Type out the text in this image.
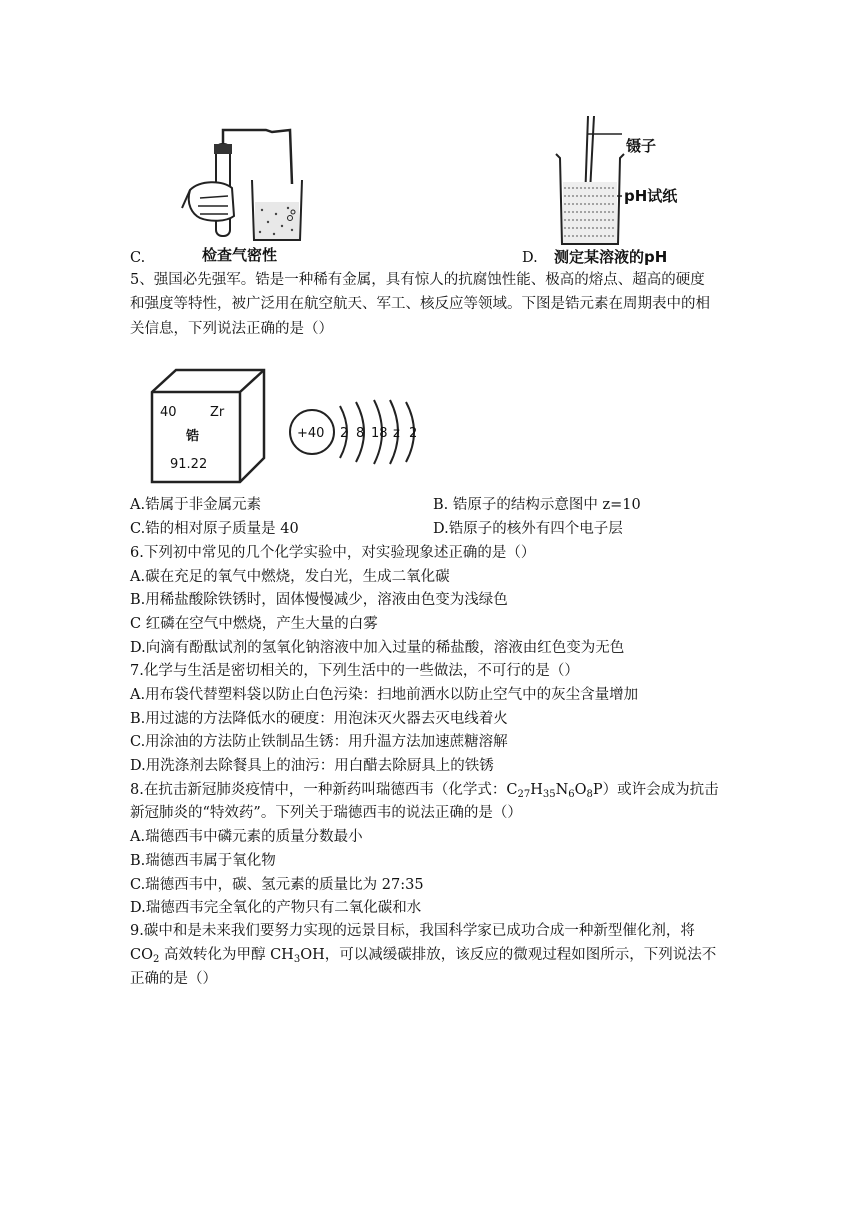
检查气密性
C.
镊子
pH试纸
测定某溶液的pH
D.
5、强国必先强军。锆是一种稀有金属，具有惊人的抗腐蚀性能、极高的熔点、超高的硬度
和强度等特性，被广泛用在航空航天、军工、核反应等领域。下图是锆元素在周期表中的相
关信息，下列说法正确的是（）
40	Zr
锆
91.22
+40 2 8 18 z 2
A.锆属于非金属元素	B. 锆原子的结构示意图中 z=10
C.锆的相对原子质量是 40	D.锆原子的核外有四个电子层
6.下列初中常见的几个化学实验中，对实验现象述正确的是（）
A.碳在充足的氧气中燃烧，发白光，生成二氧化碳
B.用稀盐酸除铁锈时，固体慢慢减少，溶液由色变为浅绿色
C 红磷在空气中燃烧，产生大量的白雾
D.向滴有酚酞试剂的氢氧化钠溶液中加入过量的稀盐酸，溶液由红色变为无色
7.化学与生活是密切相关的，下列生活中的一些做法，不可行的是（）
A.用布袋代替塑料袋以防止白色污染：扫地前洒水以防止空气中的灰尘含量增加
B.用过滤的方法降低水的硬度：用泡沫灭火器去灭电线着火
C.用涂油的方法防止铁制品生锈：用升温方法加速蔗糖溶解
D.用洗涤剂去除餐具上的油污：用白醋去除厨具上的铁锈
8.在抗击新冠肺炎疫情中，一种新药叫瑞德西韦（化学式：$C_{27}H_{35}N_6O_8P$）或许会成为抗击
新冠肺炎的“特效药”。下列关于瑞德西韦的说法正确的是（）
A.瑞德西韦中磷元素的质量分数最小
B.瑞德西韦属于氧化物
C.瑞德西韦中，碳、氢元素的质量比为 27:35
D.瑞德西韦完全氧化的产物只有二氧化碳和水
9.碳中和是未来我们要努力实现的远景目标，我国科学家已成功合成一种新型催化剂，将
$CO_2$ 高效转化为甲醇 $CH_3OH$，可以减缓碳排放，该反应的微观过程如图所示，下列说法不
正确的是（）
